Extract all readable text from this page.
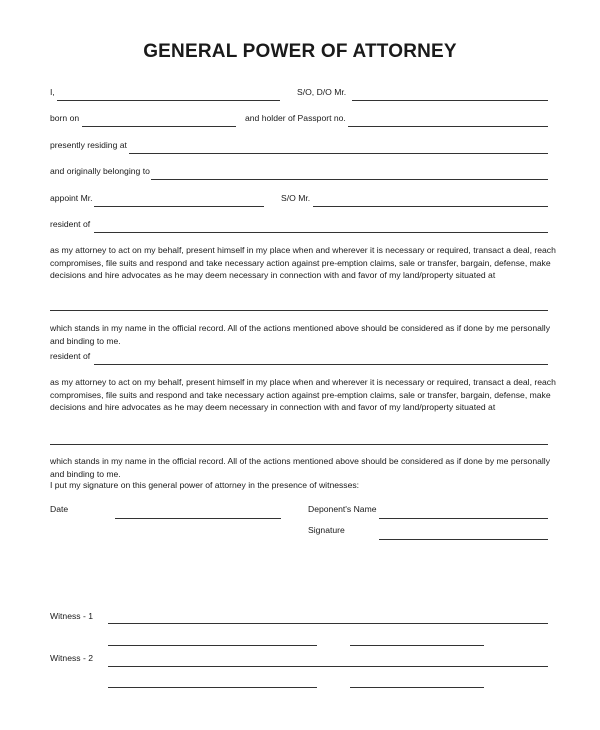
GENERAL POWER OF ATTORNEY
I,	S/O, D/O Mr.
born on	and holder of Passport no.
presently residing at
and originally belonging to
appoint Mr.	S/O Mr.
resident of
as my attorney to act on my behalf, present himself in my place when and wherever it is necessary or required, transact a deal, reach compromises, file suits and respond and take necessary action against pre-emption claims, sale or transfer, bargain, defense, make decisions and hire advocates as he may deem necessary in connection with and favor of my land/property situated at
which stands in my name in the official record. All of the actions mentioned above should be considered as if done by me personally and binding to me.
resident of
as my attorney to act on my behalf, present himself in my place when and wherever it is necessary or required, transact a deal, reach compromises, file suits and respond and take necessary action against pre-emption claims, sale or transfer, bargain, defense, make decisions and hire advocates as he may deem necessary in connection with and favor of my land/property situated at
which stands in my name in the official record. All of the actions mentioned above should be considered as if done by me personally and binding to me.
I put my signature on this general power of attorney in the presence of witnesses:
Date	Deponent's Name
Signature
Witness - 1
Witness - 2
